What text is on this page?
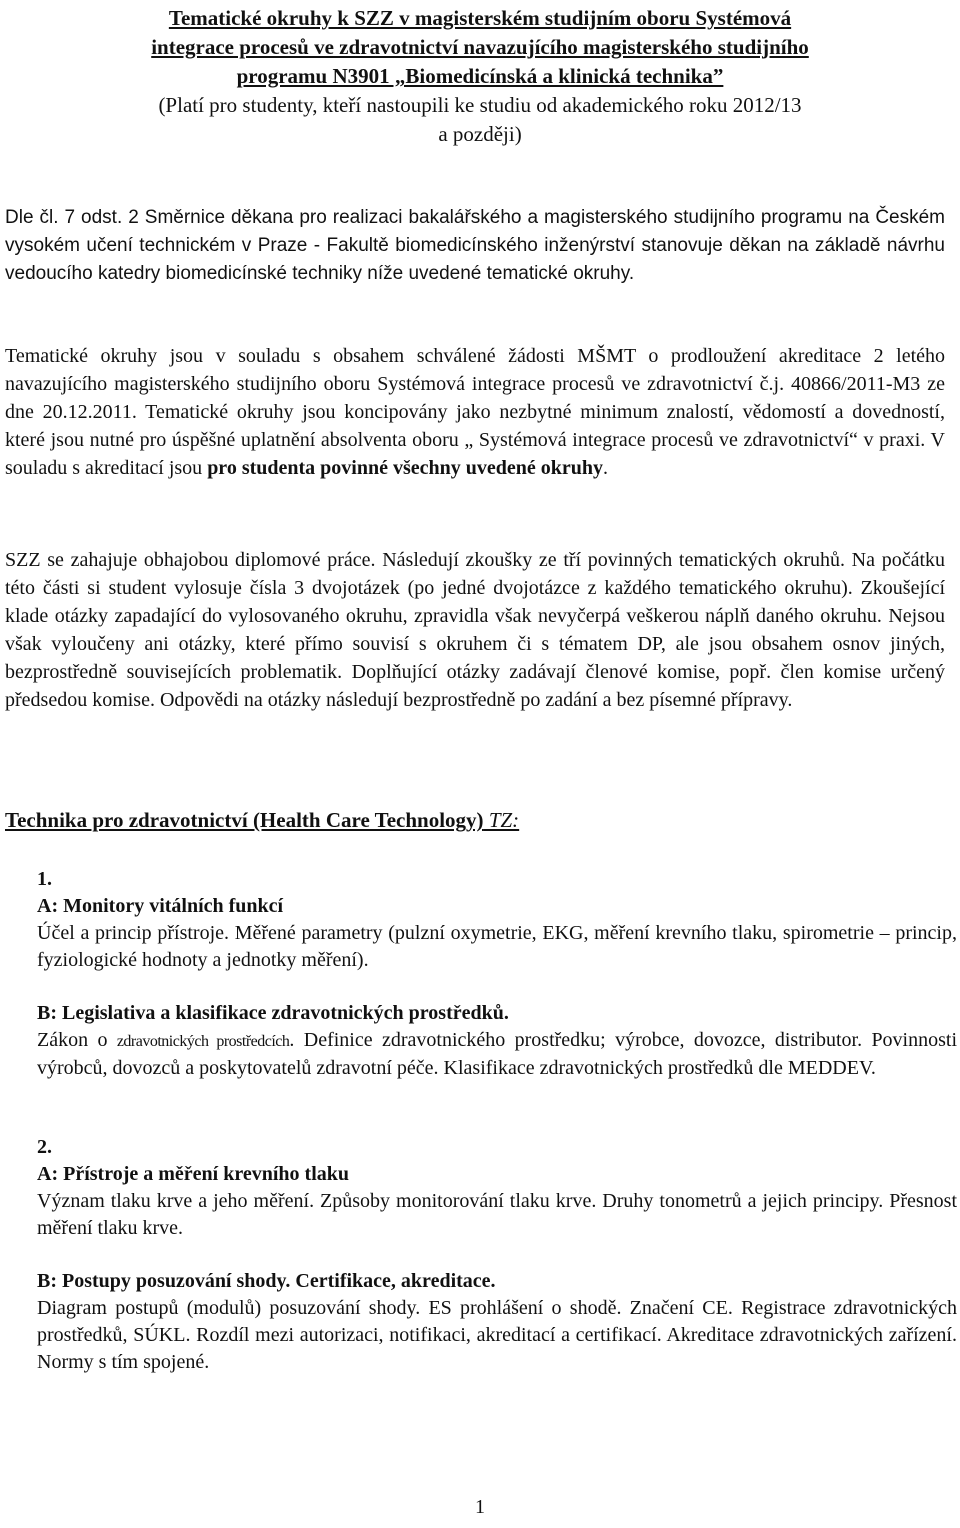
Tematické okruhy k SZZ v magisterském studijním oboru Systémová
integrace procesů ve zdravotnictví navazujícího magisterského studijního
programu N3901 „Biomedicínská a klinická technika”
(Platí pro studenty, kteří nastoupili ke studiu od akademického roku 2012/13
a později)

Dle čl. 7 odst. 2 Směrnice děkana pro realizaci bakalářského a magisterského studijního programu na Českém vysokém učení technickém v Praze - Fakultě biomedicínského inženýrství stanovuje děkan na základě návrhu vedoucího katedry biomedicínské techniky níže uvedené tematické okruhy.

Tematické okruhy jsou v souladu s obsahem schválené žádosti MŠMT o prodloužení akreditace 2 letého navazujícího magisterského studijního oboru Systémová integrace procesů ve zdravotnictví č.j. 40866/2011-M3 ze dne 20.12.2011. Tematické okruhy jsou koncipovány jako nezbytné minimum znalostí, vědomostí a dovedností, které jsou nutné pro úspěšné uplatnění absolventa oboru „ Systémová integrace procesů ve zdravotnictví“ v praxi. V souladu s akreditací jsou pro studenta povinné všechny uvedené okruhy.

SZZ se zahajuje obhajobou diplomové práce. Následují zkoušky ze tří povinných tematických okruhů. Na počátku této části si student vylosuje čísla 3 dvojotázek (po jedné dvojotázce z každého tematického okruhu). Zkoušející klade otázky zapadající do vylosovaného okruhu, zpravidla však nevyčerpá veškerou náplň daného okruhu. Nejsou však vyloučeny ani otázky, které přímo souvisí s okruhem či s tématem DP, ale jsou obsahem osnov jiných, bezprostředně souvisejících problematik. Doplňující otázky zadávají členové komise, popř. člen komise určený předsedou komise. Odpovědi na otázky následují bezprostředně po zadání a bez písemné přípravy.

Technika pro zdravotnictví (Health Care Technology) TZ:
1.
A: Monitory vitálních funkcí
Účel a princip přístroje. Měřené parametry (pulzní oxymetrie, EKG, měření krevního tlaku, spirometrie – princip, fyziologické hodnoty a jednotky měření).
B: Legislativa a klasifikace zdravotnických prostředků.
Zákon o zdravotnických prostředcích. Definice zdravotnického prostředku; výrobce, dovozce, distributor. Povinnosti výrobců, dovozců a poskytovatelů zdravotní péče. Klasifikace zdravotnických prostředků dle MEDDEV.
2.
A: Přístroje a měření krevního tlaku
Význam tlaku krve a jeho měření. Způsoby monitorování tlaku krve. Druhy tonometrů a jejich principy. Přesnost měření tlaku krve.
B: Postupy posuzování shody. Certifikace, akreditace.
Diagram postupů (modulů) posuzování shody. ES prohlášení o shodě. Značení CE. Registrace zdravotnických prostředků, SÚKL. Rozdíl mezi autorizaci, notifikaci, akreditací a certifikací. Akreditace zdravotnických zařízení. Normy s tím spojené.
1
